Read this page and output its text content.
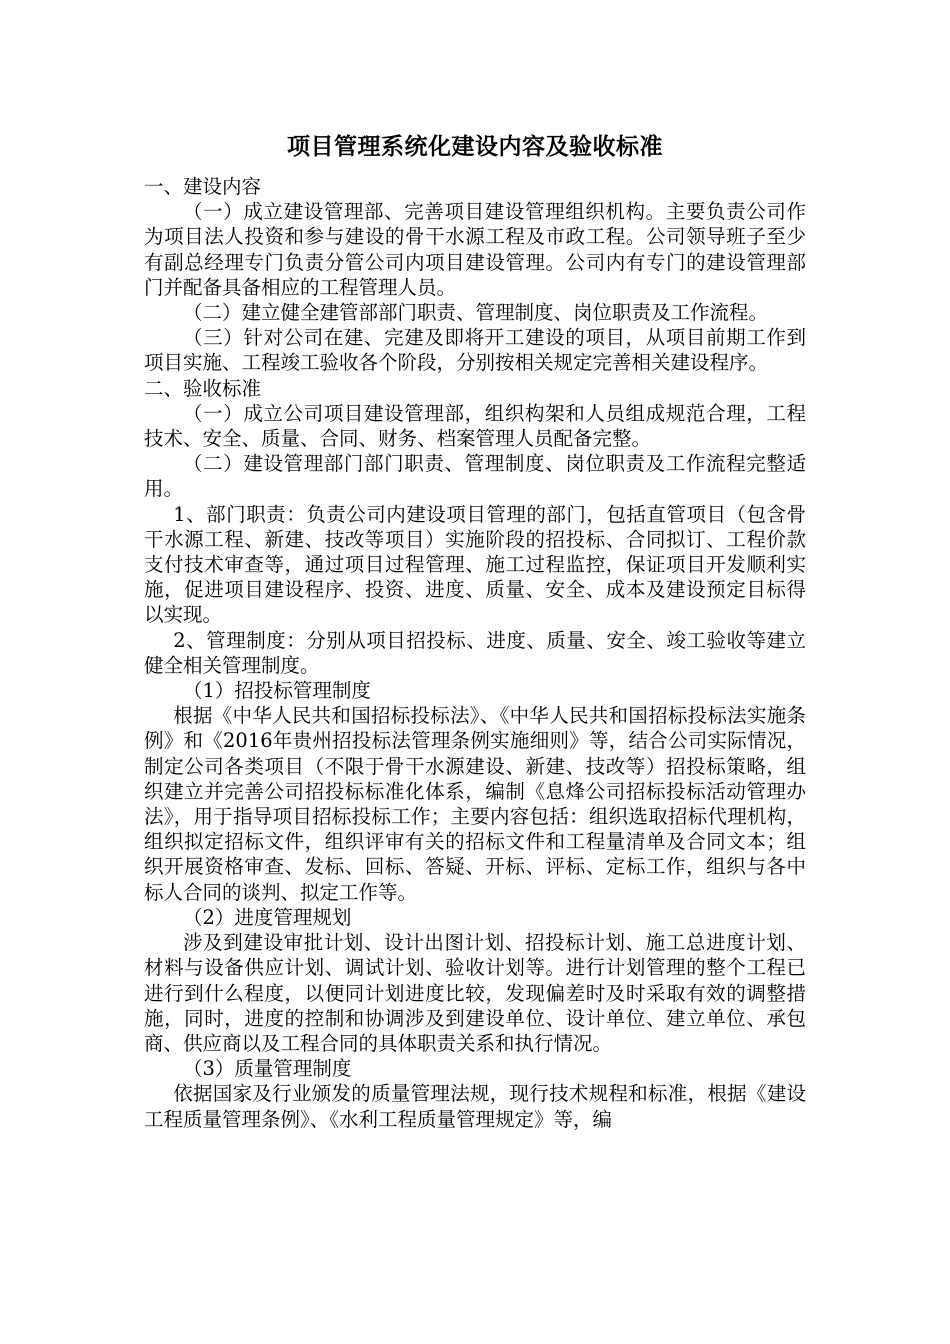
项目管理系统化建设内容及验收标准

一、建设内容

（一）成立建设管理部、完善项目建设管理组织机构。主要负责公司作为项目法人投资和参与建设的骨干水源工程及市政工程。公司领导班子至少有副总经理专门负责分管公司内项目建设管理。公司内有专门的建设管理部门并配备具备相应的工程管理人员。

（二）建立健全建管部部门职责、管理制度、岗位职责及工作流程。

（三）针对公司在建、完建及即将开工建设的项目，从项目前期工作到项目实施、工程竣工验收各个阶段，分别按相关规定完善相关建设程序。

二、验收标准

（一）成立公司项目建设管理部，组织构架和人员组成规范合理，工程技术、安全、质量、合同、财务、档案管理人员配备完整。

（二）建设管理部门部门职责、管理制度、岗位职责及工作流程完整适用。

1、部门职责：负责公司内建设项目管理的部门，包括直管项目（包含骨干水源工程、新建、技改等项目）实施阶段的招投标、合同拟订、工程价款支付技术审查等，通过项目过程管理、施工过程监控，保证项目开发顺利实施，促进项目建设程序、投资、进度、质量、安全、成本及建设预定目标得以实现。

2、管理制度：分别从项目招投标、进度、质量、安全、竣工验收等建立健全相关管理制度。

（1）招投标管理制度

根据《中华人民共和国招标投标法》、《中华人民共和国招标投标法实施条例》和《2016年贵州招投标法管理条例实施细则》等，结合公司实际情况，制定公司各类项目（不限于骨干水源建设、新建、技改等）招投标策略，组织建立并完善公司招投标标准化体系，编制《息烽公司招标投标活动管理办法》，用于指导项目招标投标工作；主要内容包括：组织选取招标代理机构，组织拟定招标文件，组织评审有关的招标文件和工程量清单及合同文本；组织开展资格审查、发标、回标、答疑、开标、评标、定标工作，组织与各中标人合同的谈判、拟定工作等。

（2）进度管理规划

涉及到建设审批计划、设计出图计划、招投标计划、施工总进度计划、材料与设备供应计划、调试计划、验收计划等。进行计划管理的整个工程已进行到什么程度，以便同计划进度比较，发现偏差时及时采取有效的调整措施，同时，进度的控制和协调涉及到建设单位、设计单位、建立单位、承包商、供应商以及工程合同的具体职责关系和执行情况。

（3）质量管理制度

依据国家及行业颁发的质量管理法规，现行技术规程和标准，根据《建设工程质量管理条例》、《水利工程质量管理规定》等，编
